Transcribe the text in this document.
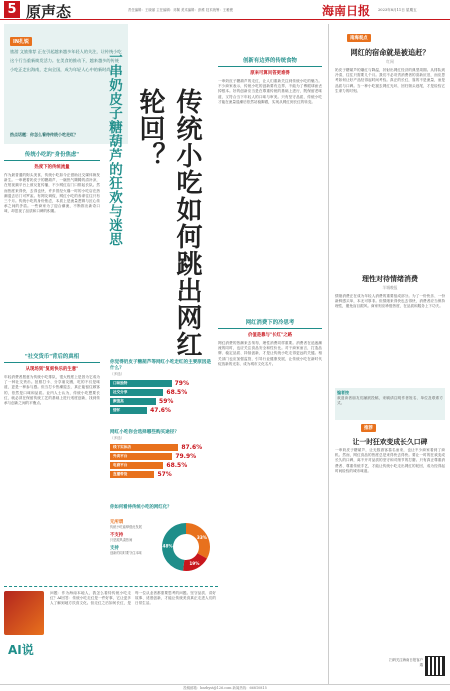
5 原声态	责任编辑：王晓丽 主任编辑：邓佩 美术编辑：彭维 技术统筹：王雅俊	海南日报 2023年8月11日 星期五
IN扎锐
旅游 文旅推荐 正在引起越来越多年轻人的关注，让传统小吃这个行当重新焕发活力。在美食的推动下，越来越多的传统小吃正走出海南，走向全国，成为年轻人心中的新时尚。
热点话题：你怎么看待传统小吃走红？	一串奶皮子糖葫芦的狂欢与迷思	传统小吃如何跳出网红轮回？
传统小吃的"身份焦虑"
热度下的传统流量
作为最普通的街头美食，传统小吃如今正借助社交媒体焕发新生。一串裹着奶皮子的糖葫芦，一碗热气腾腾的清补凉，在短视频平台上被反复传播，不少网红店门口排起长队。然而热度来得快，去得也快，许多曾经火爆一时的小吃店在热潮退去后门可罗雀。有网友调侃，网红小吃的寿命往往只有三个月。传统小吃的身份焦虑，本质上是流量逻辑与匠心传承之间的矛盾。一些商家为了迎合潮流，不断推出新奇口味，却忽视了品质和口碑的积累。
"社交货币"背后的真相
从现场到"复刻快乐的生意"
年轻消费者愿意为传统小吃排队，很大程度上是因为它成为了一种社交货币。拍照打卡、分享朋友圈，吃的不仅是味道，更是一种参与感。但当打卡热潮退去，真正能留住顾客的，依然是口味和品质。业内人士认为，传统小吃想要长红，就必须在保留传统工艺的基础上进行适度创新，找到传承与创新之间的平衡点。
创新有边界的传统食物
原来可算问答更难得
一串奶皮子糖葫芦的走红，让人们重新关注到传统小吃的魅力。不少商家表示，传统小吃的创新要有边界，不能为了博眼球而丢掉根本。好的创新应当是在尊重传统的基础上进行，既保留老味道，又符合当下年轻人的口味与审美。只有坚守品质，传统小吃才能在流量退潮后依然站稳脚跟，实现从网红到长红的转变。
网红消费下的冷思考
价值是靠与"长红"之路
网红消费的热潮来去匆匆，理性消费同样重要。消费者在追逐潮流的同时，也应关注食品安全和性价比。对于商家而言，打造品牌、稳定品质、持续创新，才是让传统小吃走得更远的关键。相关部门也应加强监管，引导行业健康发展，让传统小吃在新时代绽放新的光彩，成为城市文化名片。
你觉得奶皮子糖葫芦等网红小吃走红的主要原因是什么？
（多选）
口味独特	79%
社交分享	68.5%
颜值高	59%
情怀	47.6%
网红小吃你会选择哪些购买途径？
（多选）
线下实体店	87.6%
外卖平台	79.9%
电商平台	68.5%
直播带货	57%
你如何看待传统小吃的网红化？
无所谓
传统小吃能够借此发展
不支持
只是跟风凑热闹
支持
创新的同时要守住本味
33%
19%
48%
AI说
问题：作为海南本地人，我怎么看待传统小吃走红？AI回答：传统小吃走红是一件好事，它让更多人了解到地方饮食文化。但走红之后如何长红，是每一位从业者都需要思考的问题。坚守品质、讲好故事、适度创新，才能让传统美食真正走进人们的日常生活。
南海观点
网红的宿命就是被追赶？
红网
奶皮子糖葫芦的爆红与降温，折射出网红经济的典型周期。从排队到冷清，往往只需要几个月。我们不必苛责消费者的喜新厌旧，而应思考如何让好产品经得起时间考验。真正的长红，靠的不是流量，而是品质与口碑。当一种小吃褪去网红光环，回归街头巷尾，才是检验它生命力的时刻。
理性对待情绪消费
羊城晚报
情绪消费正在成为年轻人消费的重要组成部分。为了一份快乐、一份新鲜感买单，本无可厚非。但情绪来得快也去得快，消费者应当保持理性，避免盲目跟风。商家则应珍惜热度，在品质和服务上下功夫。
编者按
欢迎读者朋友们踊跃投稿，来稿请注明作者姓名、单位及联系方式。
推荐
让一时狂欢变成长久口碑
一串奶皮子糖葫芦，让无数游客慕名而来，也让不少商家看到了商机。然而，网红食品的热度总是来得快去得快。要让一时的狂欢变成长久的口碑，离不开对品质的坚守和对细节的打磨。只有真正尊重消费者、尊重传统手艺，才能让传统小吃走出网红的轮回，成为经得起时间检验的城市味道。
扫码关注海南日报客户端
投稿邮箱：hnrbyst@126.com 新闻热线：66810815
